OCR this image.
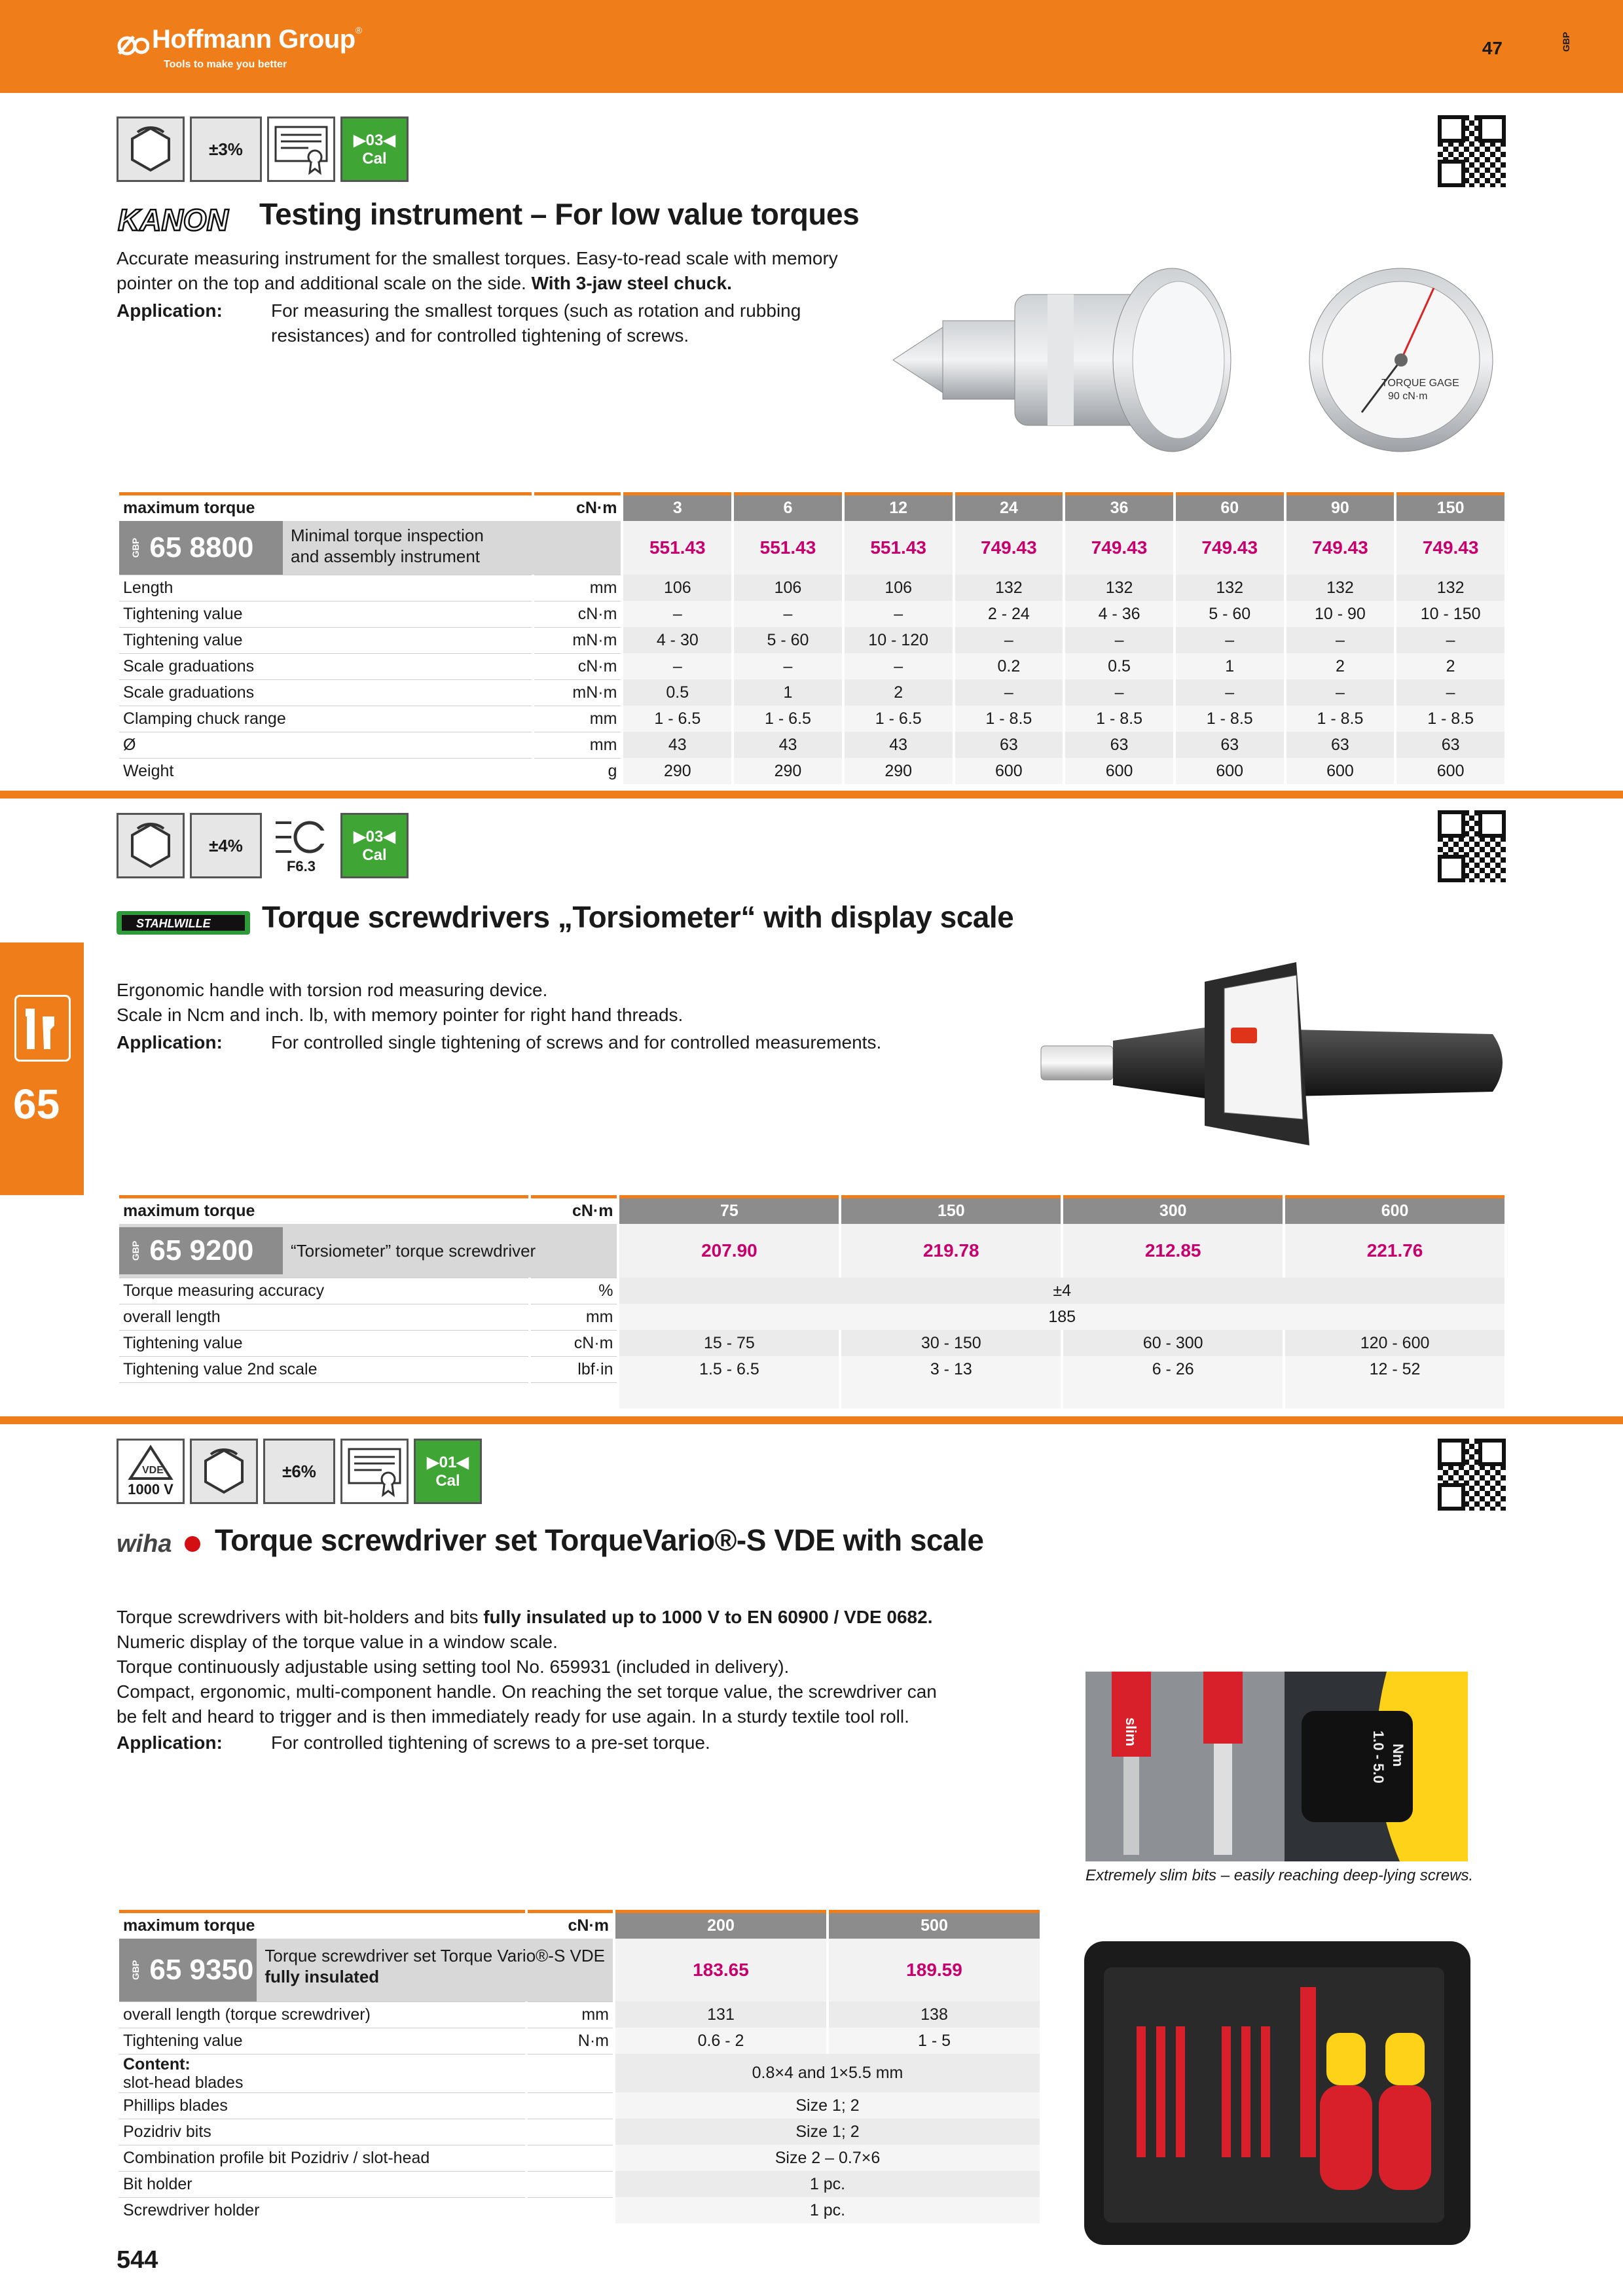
Hoffmann Group®
Tools to make you better
47	GBP
65
±3%	▶03◀
Cal
KANON Testing instrument – For low value torques
Accurate measuring instrument for the smallest torques. Easy-to-read scale with memory
pointer on the top and additional scale on the side. With 3-jaw steel chuck.
Application:	For measuring the smallest torques (such as rotation and rubbing
resistances) and for controlled tightening of screws.
TORQUE GAGE
90 cN·m
maximum torque	cN·m	3	6	12	24	36	60	90	150

GBP 65 8800 Minimal torque inspection
and assembly instrument		551.43	551.43	551.43	749.43	749.43	749.43	749.43	749.43
Length	mm	106	106	106	132	132	132	132	132
Tightening value	cN·m	–	–	–	2 - 24	4 - 36	5 - 60	10 - 90	10 - 150
Tightening value	mN·m	4 - 30	5 - 60	10 - 120	–	–	–	–	–
Scale graduations	cN·m	–	–	–	0.2	0.5	1	2	2
Scale graduations	mN·m	0.5	1	2	–	–	–	–	–
Clamping chuck range	mm	1 - 6.5	1 - 6.5	1 - 6.5	1 - 8.5	1 - 8.5	1 - 8.5	1 - 8.5	1 - 8.5
Ø	mm	43	43	43	63	63	63	63	63
Weight	g	290	290	290	600	600	600	600	600
±4%
F6.3
▶03◀
Cal
STAHLWILLE Torque screwdrivers „Torsiometer“ with display scale
Ergonomic handle with torsion rod measuring device.
Scale in Ncm and inch. lb, with memory pointer for right hand threads.
Application:	For controlled single tightening of screws and for controlled measurements.
maximum torque	cN·m	75	150	300	600

GBP 65 9200 “Torsiometer” torque screwdriver		207.90	219.78	212.85	221.76
Torque measuring accuracy	%	±4			
overall length	mm	185			
Tightening value	cN·m	15 - 75	30 - 150	60 - 300	120 - 600
Tightening value 2nd scale	lbf·in	1.5 - 6.5	3 - 13	6 - 26	12 - 52

VDE
1000 V
±6%	▶01◀
Cal
wiha Torque screwdriver set TorqueVario®-S VDE with scale
Torque screwdrivers with bit-holders and bits fully insulated up to 1000 V to EN 60900 / VDE 0682.
Numeric display of the torque value in a window scale.
Torque continuously adjustable using setting tool No. 659931 (included in delivery).
Compact, ergonomic, multi-component handle. On reaching the set torque value, the screwdriver can
be felt and heard to trigger and is then immediately ready for use again. In a sturdy textile tool roll.
Application:	For controlled tightening of screws to a pre-set torque.	slim
Nm
1.0 - 5.0
Extremely slim bits – easily reaching deep-lying screws.
maximum torque	cN·m	200	500

GBP 65 9350 Torque screwdriver set Torque Vario®-S VDE
fully insulated		183.65	189.59
overall length (torque screwdriver)	mm	131	138
Tightening value	N·m	0.6 - 2	1 - 5

Content:
slot-head blades		0.8×4 and 1×5.5 mm	
Phillips blades		Size 1; 2	
Pozidriv bits		Size 1; 2	
Combination profile bit Pozidriv / slot-head		Size 2 – 0.7×6	
Bit holder		1 pc.	
Screwdriver holder		1 pc.	
544
